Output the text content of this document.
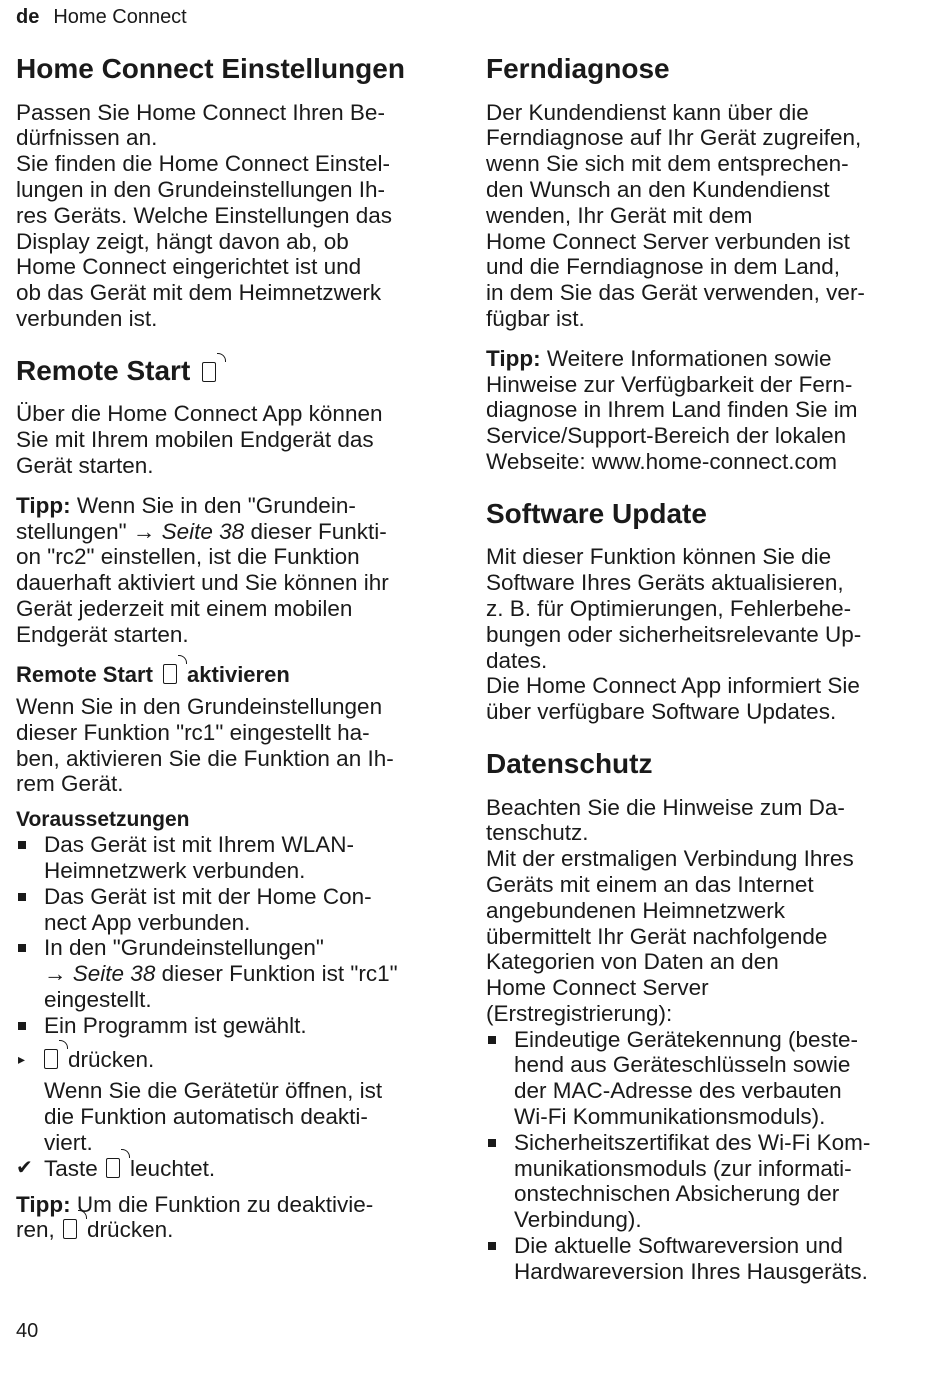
de Home Connect
Home Connect Einstellungen

Passen Sie Home Connect Ihren Be-
dürfnissen an.
Sie finden die Home Connect Einstel-
lungen in den Grundeinstellungen Ih-
res Geräts. Welche Einstellungen das
Display zeigt, hängt davon ab, ob
Home Connect eingerichtet ist und
ob das Gerät mit dem Heimnetzwerk
verbunden ist.

Remote Start

Über die Home Connect App können
Sie mit Ihrem mobilen Endgerät das
Gerät starten.

Tipp: Wenn Sie in den "Grundein-
stellungen" → Seite 38 dieser Funkti-
on "rc2" einstellen, ist die Funktion
dauerhaft aktiviert und Sie können ihr
Gerät jederzeit mit einem mobilen
Endgerät starten.

Remote Start aktivieren

Wenn Sie in den Grundeinstellungen
dieser Funktion "rc1" eingestellt ha-
ben, aktivieren Sie die Funktion an Ih-
rem Gerät.

Voraussetzungen
Das Gerät ist mit Ihrem WLAN-
Heimnetzwerk verbunden.
Das Gerät ist mit der Home Con-
nect App verbunden.
In den "Grundeinstellungen"
→ Seite 38 dieser Funktion ist "rc1"
eingestellt.
Ein Programm ist gewählt.
▸ drücken.

Wenn Sie die Gerätetür öffnen, ist
die Funktion automatisch deakti-
viert.

✔ Taste leuchtet.

Tipp: Um die Funktion zu deaktivie-
ren, drücken.

Ferndiagnose

Der Kundendienst kann über die
Ferndiagnose auf Ihr Gerät zugreifen,
wenn Sie sich mit dem entsprechen-
den Wunsch an den Kundendienst
wenden, Ihr Gerät mit dem
Home Connect Server verbunden ist
und die Ferndiagnose in dem Land,
in dem Sie das Gerät verwenden, ver-
fügbar ist.

Tipp: Weitere Informationen sowie
Hinweise zur Verfügbarkeit der Fern-
diagnose in Ihrem Land finden Sie im
Service/Support-Bereich der lokalen
Webseite: www.home-connect.com

Software Update

Mit dieser Funktion können Sie die
Software Ihres Geräts aktualisieren,
z. B. für Optimierungen, Fehlerbehe-
bungen oder sicherheitsrelevante Up-
dates.
Die Home Connect App informiert Sie
über verfügbare Software Updates.

Datenschutz

Beachten Sie die Hinweise zum Da-
tenschutz.
Mit der erstmaligen Verbindung Ihres
Geräts mit einem an das Internet
angebundenen Heimnetzwerk
übermittelt Ihr Gerät nachfolgende
Kategorien von Daten an den
Home Connect Server
(Erstregistrierung):

Eindeutige Gerätekennung (beste-
hend aus Geräteschlüsseln sowie
der MAC-Adresse des verbauten
Wi-Fi Kommunikationsmoduls).
Sicherheitszertifikat des Wi-Fi Kom-
munikationsmoduls (zur informati-
onstechnischen Absicherung der
Verbindung).
Die aktuelle Softwareversion und
Hardwareversion Ihres Hausgeräts.
40
